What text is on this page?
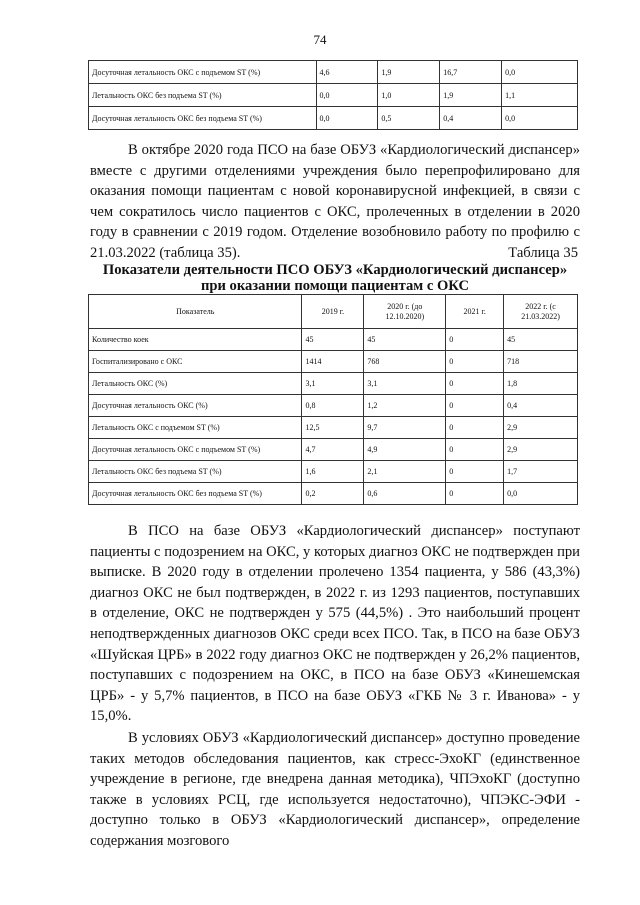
74
Досуточная летальность ОКС с подъемом ST (%)	4,6	1,9	16,7	0,0
Летальность ОКС без подъема ST (%)	0,0	1,0	1,9	1,1
Досуточная летальность ОКС без подъема ST (%)	0,0	0,5	0,4	0,0

В октябре 2020 года ПСО на базе ОБУЗ «Кардиологический диспансер» вместе с другими отделениями учреждения было перепрофилировано для оказания помощи пациентам с новой коронавирусной инфекцией, в связи с чем сократилось число пациентов с ОКС, пролеченных в отделении в 2020 году в сравнении с 2019 годом. Отделение возобновило работу по профилю с 21.03.2022 (таблица 35).	Таблица 35

Показатели деятельности ПСО ОБУЗ «Кардиологический диспансер»
при оказании помощи пациентам с ОКС

Показатель	2019 г.	2020 г. (до 12.10.2020)	2021 г.	2022 г. (с 21.03.2022)
Количество коек	45	45	0	45
Госпитализировано с ОКС	1414	768	0	718
Летальность ОКС (%)	3,1	3,1	0	1,8
Досуточная летальность ОКС (%)	0,8	1,2	0	0,4
Летальность ОКС с подъемом ST (%)	12,5	9,7	0	2,9
Досуточная летальность ОКС с подъемом ST (%)	4,7	4,9	0	2,9
Летальность ОКС без подъема ST (%)	1,6	2,1	0	1,7
Досуточная летальность ОКС без подъема ST (%)	0,2	0,6	0	0,0

В ПСО на базе ОБУЗ «Кардиологический диспансер» поступают пациенты с подозрением на ОКС, у которых диагноз ОКС не подтвержден при выписке. В 2020 году в отделении пролечено 1354 пациента, у 586 (43,3%) диагноз ОКС не был подтвержден, в 2022 г. из 1293 пациентов, поступавших в отделение, ОКС не подтвержден у 575 (44,5%) . Это наибольший процент неподтвержденных диагнозов ОКС среди всех ПСО. Так, в ПСО на базе ОБУЗ «Шуйская ЦРБ» в 2022 году диагноз ОКС не подтвержден у 26,2% пациентов, поступавших с подозрением на ОКС, в ПСО на базе ОБУЗ «Кинешемская ЦРБ» - у 5,7% пациентов, в ПСО на базе ОБУЗ «ГКБ № 3 г. Иванова» - у 15,0%.

В условиях ОБУЗ «Кардиологический диспансер» доступно проведение таких методов обследования пациентов, как стресс-ЭхоКГ (единственное учреждение в регионе, где внедрена данная методика), ЧПЭхоКГ (доступно также в условиях РСЦ, где используется недостаточно), ЧПЭКС-ЭФИ - доступно только в ОБУЗ «Кардиологический диспансер», определение содержания мозгового
